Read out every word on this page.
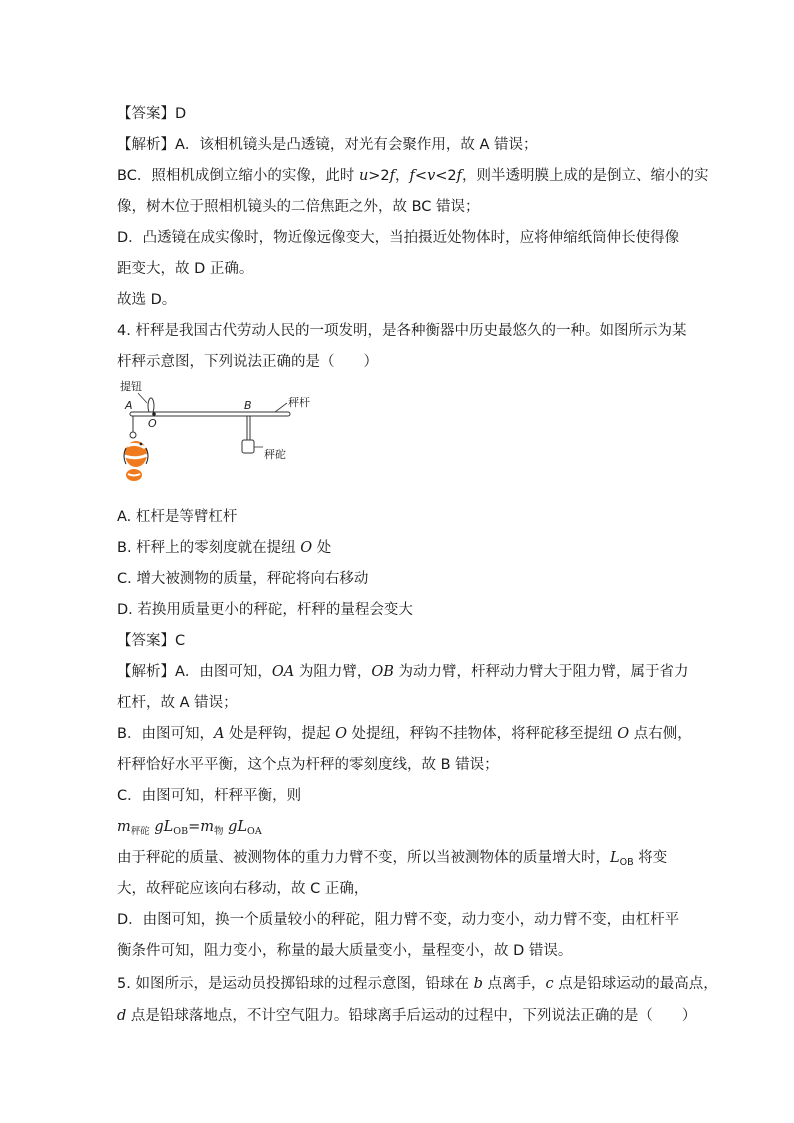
【答案】D
【解析】A．该相机镜头是凸透镜，对光有会聚作用，故 A 错误；
BC．照相机成倒立缩小的实像，此时 u>2f，f<v<2f，则半透明膜上成的是倒立、缩小的实
像，树木位于照相机镜头的二倍焦距之外，故 BC 错误；
D．凸透镜在成实像时，物近像远像变大，当拍摄近处物体时，应将伸缩纸筒伸长使得像
距变大，故 D 正确。
故选 D。
4. 杆秤是我国古代劳动人民的一项发明，是各种衡器中历史最悠久的一种。如图所示为某
杆秤示意图，下列说法正确的是（　　）
提钮
A
O
B	秤杆
秤砣
A. 杠杆是等臂杠杆
B. 杆秤上的零刻度就在提纽 O 处
C. 增大被测物的质量，秤砣将向右移动
D. 若换用质量更小的秤砣，杆秤的量程会变大
【答案】C
【解析】A．由图可知，OA 为阻力臂，OB 为动力臂，杆秤动力臂大于阻力臂，属于省力
杠杆，故 A 错误；
B．由图可知，A 处是秤钩，提起 O 处提纽，秤钩不挂物体，将秤砣移至提纽 O 点右侧，
杆秤恰好水平平衡，这个点为杆秤的零刻度线，故 B 错误；
C．由图可知，杆秤平衡，则
$m_{秤砣}$ $gL_{OB}=m_物$ $gL_{OA}$
由于秤砣的质量、被测物体的重力力臂不变，所以当被测物体的质量增大时，$L_{OB}$ 将变
大，故秤砣应该向右移动，故 C 正确，
D．由图可知，换一个质量较小的秤砣，阻力臂不变，动力变小，动力臂不变，由杠杆平
衡条件可知，阻力变小，称量的最大质量变小，量程变小，故 D 错误。
5. 如图所示，是运动员投掷铅球的过程示意图，铅球在 b 点离手，c 点是铅球运动的最高点，
d 点是铅球落地点，不计空气阻力。铅球离手后运动的过程中，下列说法正确的是（　　）
